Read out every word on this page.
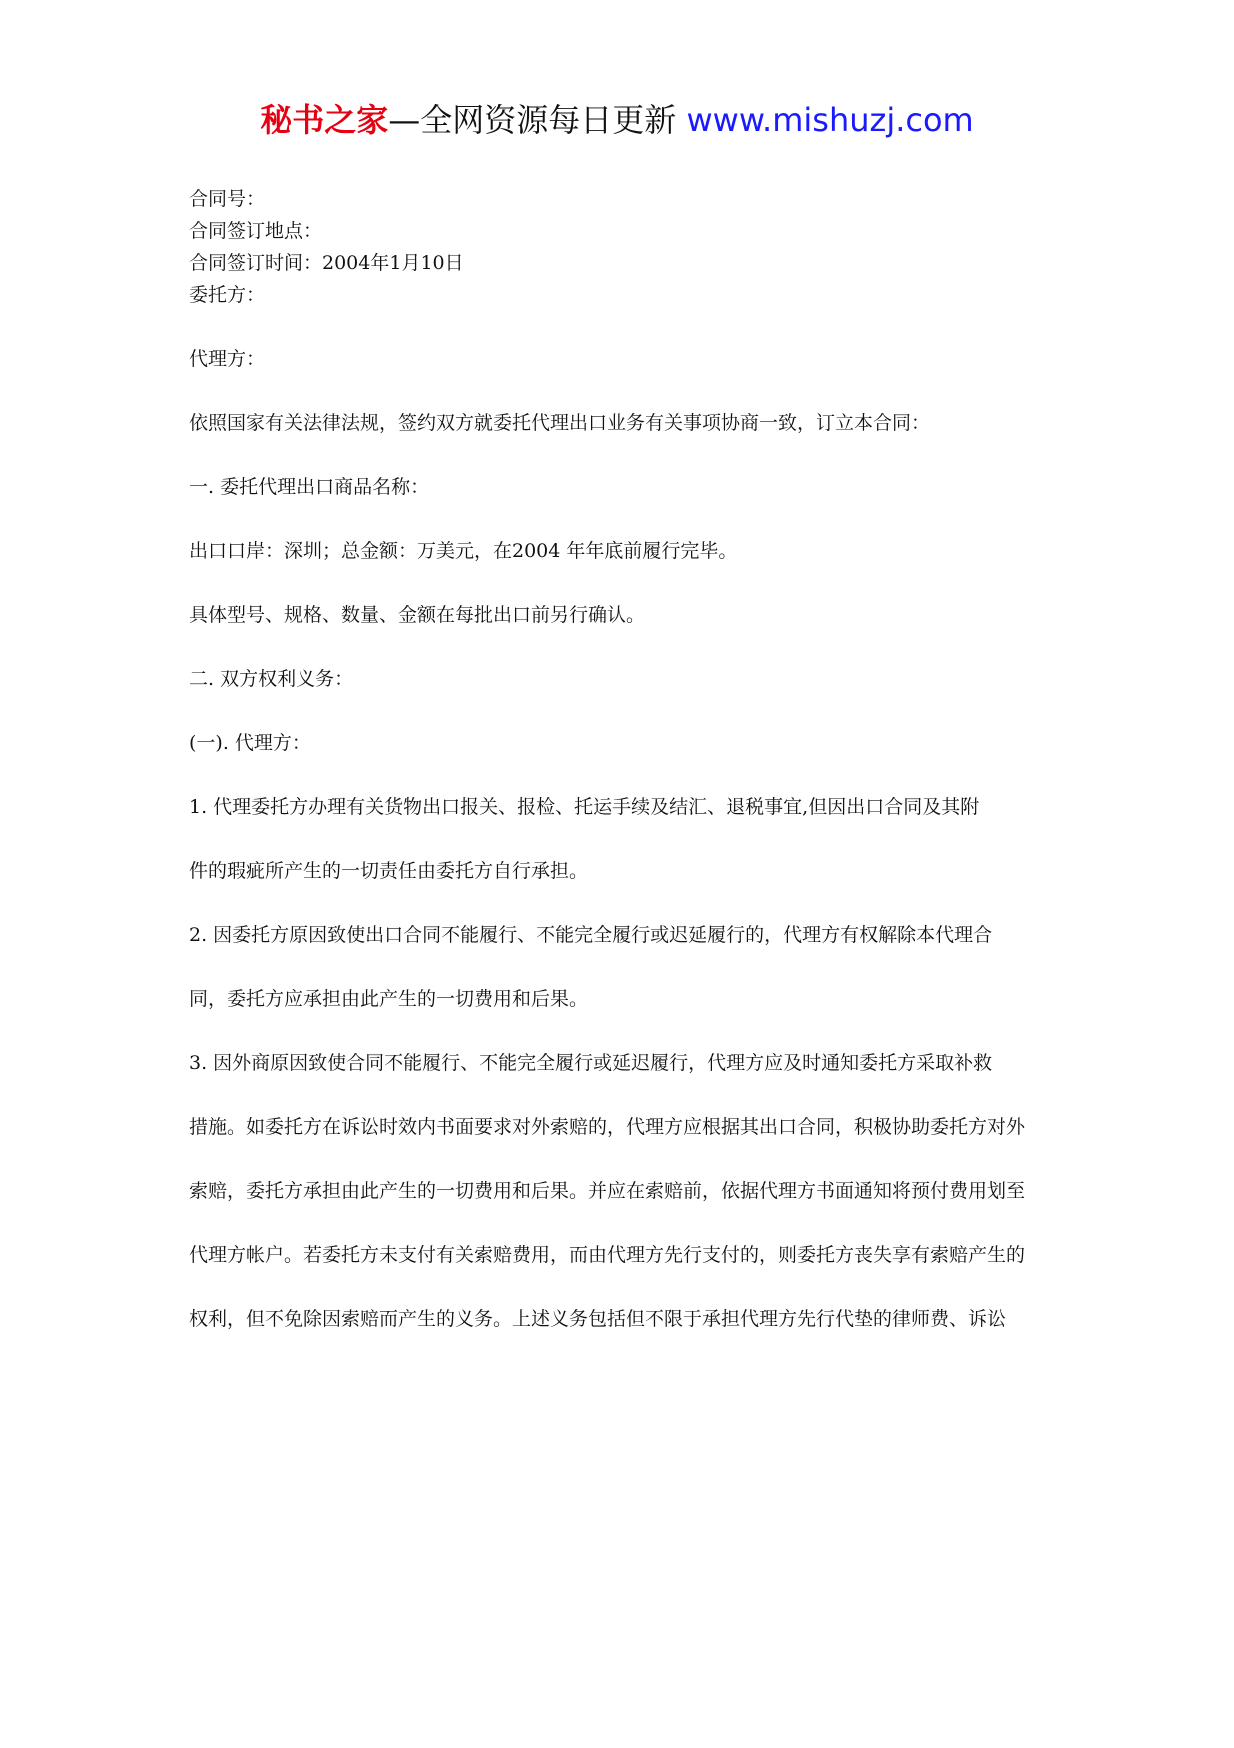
秘书之家—全网资源每日更新 www.mishuzj.com

合同号：

合同签订地点：

合同签订时间：2004年1月10日

委托方：

代理方：

依照国家有关法律法规，签约双方就委托代理出口业务有关事项协商一致，订立本合同：

一. 委托代理出口商品名称：

出口口岸：深圳；总金额：万美元，在2004 年年底前履行完毕。

具体型号、规格、数量、金额在每批出口前另行确认。

二. 双方权利义务：

(一). 代理方：

1. 代理委托方办理有关货物出口报关、报检、托运手续及结汇、退税事宜,但因出口合同及其附

件的瑕疵所产生的一切责任由委托方自行承担。

2. 因委托方原因致使出口合同不能履行、不能完全履行或迟延履行的，代理方有权解除本代理合

同，委托方应承担由此产生的一切费用和后果。

3. 因外商原因致使合同不能履行、不能完全履行或延迟履行，代理方应及时通知委托方采取补救

措施。如委托方在诉讼时效内书面要求对外索赔的，代理方应根据其出口合同，积极协助委托方对外

索赔，委托方承担由此产生的一切费用和后果。并应在索赔前，依据代理方书面通知将预付费用划至

代理方帐户。若委托方未支付有关索赔费用，而由代理方先行支付的，则委托方丧失享有索赔产生的

权利，但不免除因索赔而产生的义务。上述义务包括但不限于承担代理方先行代垫的律师费、诉讼
